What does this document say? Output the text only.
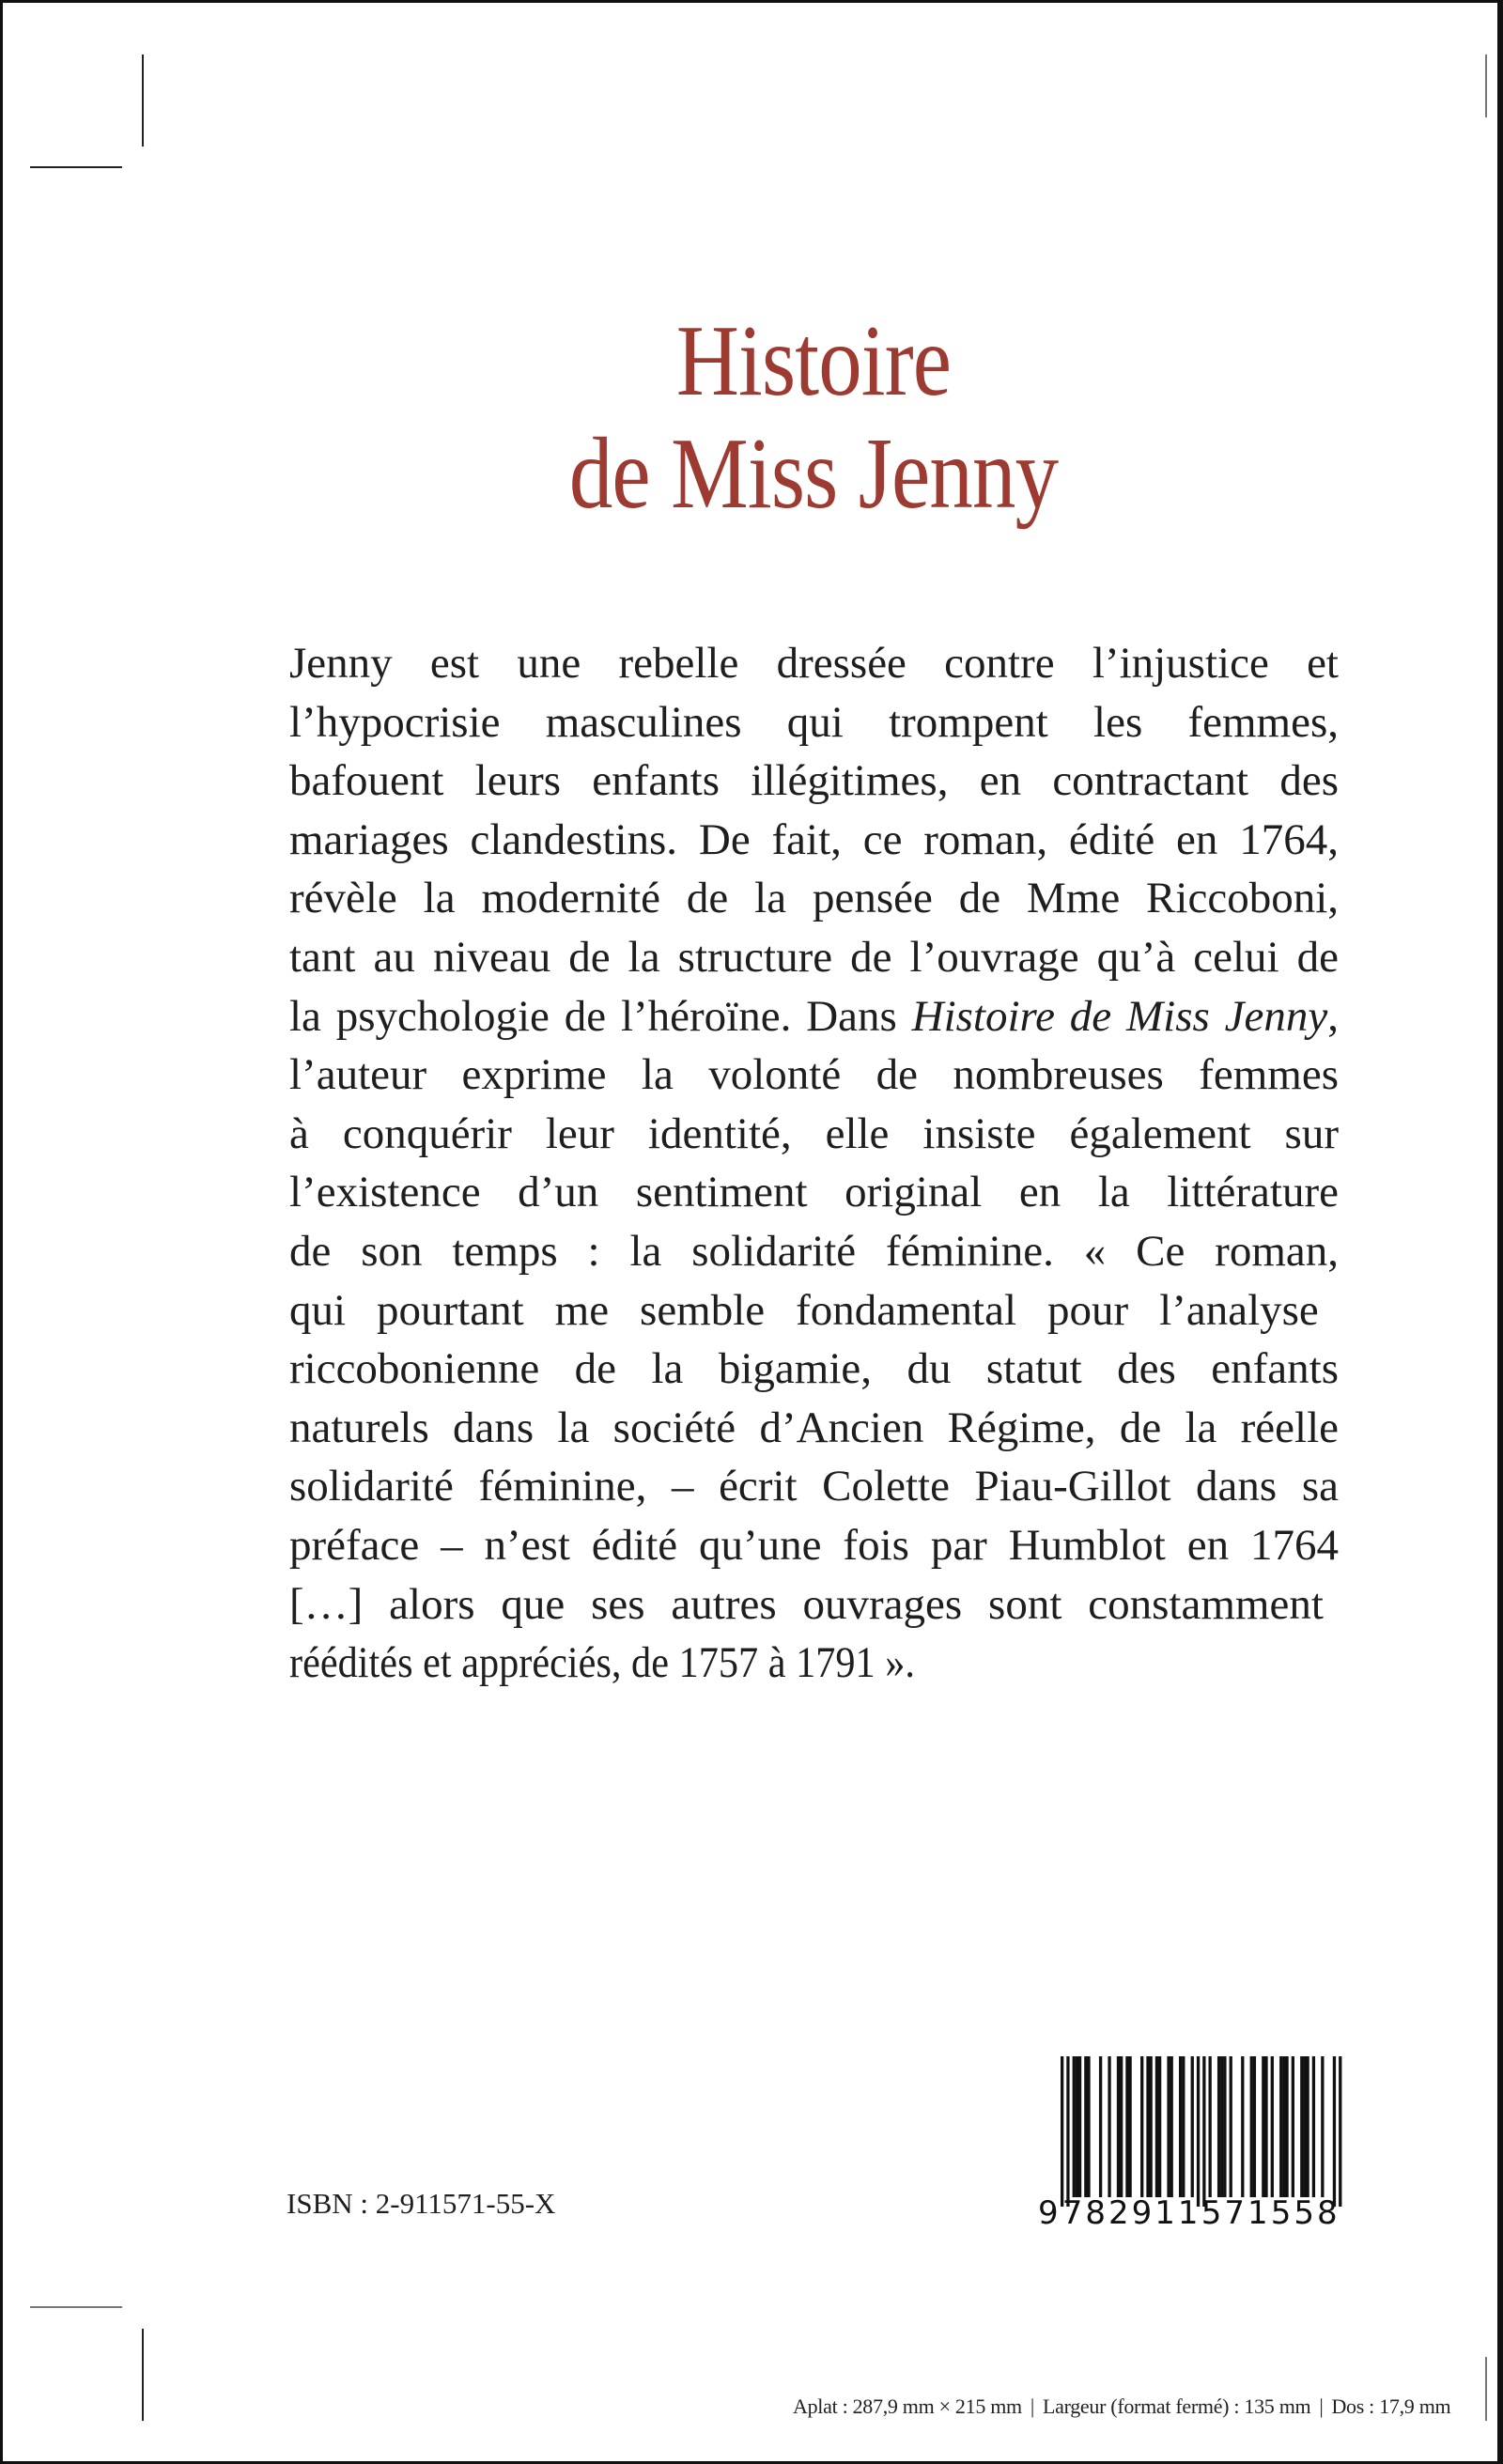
Histoire
de Miss Jenny
Jenny est une rebelle dressée contre l’injustice et
l’hypocrisie masculines qui trompent les femmes,
bafouent leurs enfants illégitimes, en contractant des
mariages clandestins. De fait, ce roman, édité en 1764,
révèle la modernité de la pensée de Mme Riccoboni,
tant au niveau de la structure de l’ouvrage qu’à celui de
la psychologie de l’héroïne. Dans Histoire de Miss Jenny,
l’auteur exprime la volonté de nombreuses femmes
à conquérir leur identité, elle insiste également sur
l’existence d’un sentiment original en la littérature
de son temps : la solidarité féminine. « Ce roman,
qui pourtant me semble fondamental pour l’analyse
riccobonienne de la bigamie, du statut des enfants
naturels dans la société d’Ancien Régime, de la réelle
solidarité féminine, – écrit Colette Piau-Gillot dans sa
préface – n’est édité qu’une fois par Humblot en 1764
[…] alors que ses autres ouvrages sont constamment
réédités et appréciés, de 1757 à 1791 ».
ISBN : 2-911571-55-X	9 782911 571558
Aplat : 287,9 mm × 215 mm | Largeur (format fermé) : 135 mm | Dos : 17,9 mm
